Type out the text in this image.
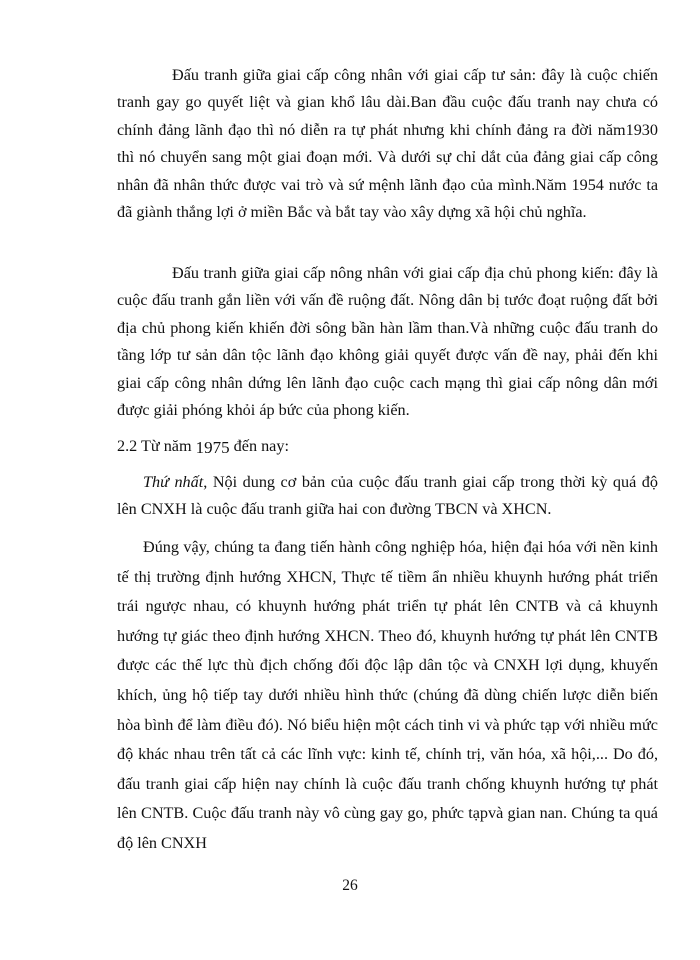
Đấu tranh giữa giai cấp công nhân với giai cấp tư sản: đây là cuộc chiến tranh gay go quyết liệt và gian khổ lâu dài.Ban đầu cuộc đấu tranh nay chưa có chính đảng lãnh đạo thì nó diễn ra tự phát nhưng khi chính đảng ra đời năm1930 thì nó chuyển sang một giai đoạn mới. Và dưới sự chỉ dắt của đảng giai cấp công nhân đã nhân thức được vai trò và sứ mệnh lãnh đạo của mình.Năm 1954 nước ta đã giành thắng lợi ở miền Bắc và bắt tay vào xây dựng xã hội chủ nghĩa.

Đấu tranh giữa giai cấp nông nhân với giai cấp địa chủ phong kiến: đây là cuộc đấu tranh gắn liền với vấn đề ruộng đất. Nông dân bị tước đoạt ruộng đất bởi địa chủ phong kiến khiến đời sông bần hàn lầm than.Và những cuộc đấu tranh do tầng lớp tư sản dân tộc lãnh đạo không giải quyết được vấn đề nay, phải đến khi giai cấp công nhân dứng lên lãnh đạo cuộc cach mạng thì giai cấp nông dân mới được giải phóng khỏi áp bức của phong kiến.

2.2 Từ năm 1975 đến nay:

Thứ nhất, Nội dung cơ bản của cuộc đấu tranh giai cấp trong thời kỳ quá độ lên CNXH là cuộc đấu tranh giữa hai con đường TBCN và XHCN.

Đúng vậy, chúng ta đang tiến hành công nghiệp hóa, hiện đại hóa với nền kinh tế thị trường định hướng XHCN, Thực tế tiềm ẩn nhiều khuynh hướng phát triển trái ngược nhau, có khuynh hướng phát triển tự phát lên CNTB và cả khuynh hướng tự giác theo định hướng XHCN. Theo đó, khuynh hướng tự phát lên CNTB được các thế lực thù địch chống đối độc lập dân tộc và CNXH lợi dụng, khuyến khích, ủng hộ tiếp tay dưới nhiều hình thức (chúng đã dùng chiến lược diễn biến hòa bình để làm điều đó). Nó biểu hiện một cách tinh vi và phức tạp với nhiều mức độ khác nhau trên tất cả các lĩnh vực: kinh tế, chính trị, văn hóa, xã hội,... Do đó, đấu tranh giai cấp hiện nay chính là cuộc đấu tranh chống khuynh hướng tự phát lên CNTB. Cuộc đấu tranh này vô cùng gay go, phức tạpvà gian nan. Chúng ta quá độ lên CNXH

26
